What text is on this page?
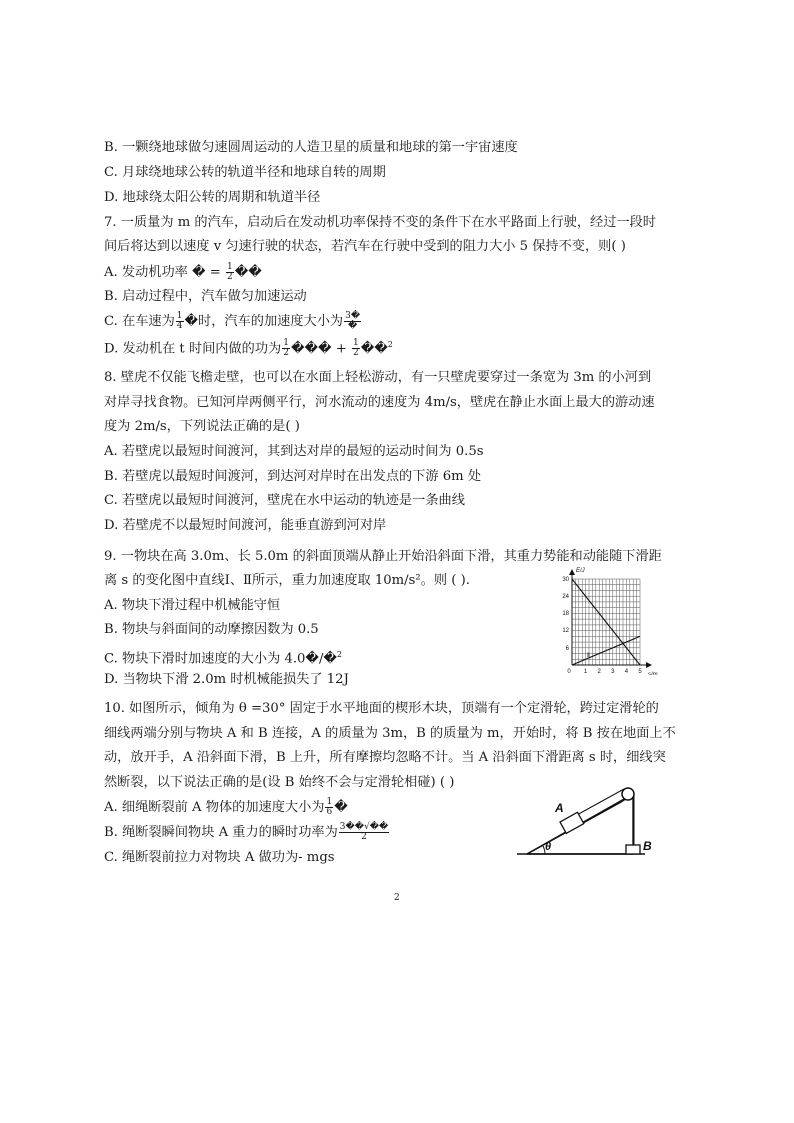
B. 一颗绕地球做匀速圆周运动的人造卫星的质量和地球的第一宇宙速度
C. 月球绕地球公转的轨道半径和地球自转的周期
D. 地球绕太阳公转的周期和轨道半径
7. 一质量为 m 的汽车，启动后在发动机功率保持不变的条件下在水平路面上行驶，经过一段时
间后将达到以速度 v 匀速行驶的状态，若汽车在行驶中受到的阻力大小 5 保持不变，则( )
A. 发动机功率 � = $\frac{1}{2}$ ��
B. 启动过程中，汽车做匀加速运动
C. 在车速为 $\frac{1}{4}$ �时，汽车的加速度大小为 $\frac{3�}{�}$
D. 发动机在 t 时间内做的功为 $\frac{1}{2}$ ��� + $\frac{1}{2}$ ��$^2$
8. 壁虎不仅能飞檐走壁，也可以在水面上轻松游动，有一只壁虎要穿过一条宽为 3m 的小河到
对岸寻找食物。已知河岸两侧平行，河水流动的速度为 4m/s，壁虎在静止水面上最大的游动速
度为 2m/s，下列说法正确的是( )
A. 若壁虎以最短时间渡河，其到达对岸的最短的运动时间为 0.5s
B. 若壁虎以最短时间渡河，到达河对岸时在出发点的下游 6m 处
C. 若壁虎以最短时间渡河，壁虎在水中运动的轨迹是一条曲线
D. 若壁虎不以最短时间渡河，能垂直游到河对岸
9. 一物块在高 3.0m、长 5.0m 的斜面顶端从静止开始沿斜面下滑，其重力势能和动能随下滑距
离 s 的变化图中直线Ⅰ、Ⅱ所示，重力加速度取 10m/s²。则 ( ).
A. 物块下滑过程中机械能守恒
B. 物块与斜面间的动摩擦因数为 0.5
C. 物块下滑时加速度的大小为 4.0�/�$^2$
D. 当物块下滑 2.0m 时机械能损失了 12J
Ⅱ
E/J
s/m
30
24
18
12
6
0 1 2 3 4 5
10. 如图所示，倾角为 θ =30° 固定于水平地面的楔形木块，顶端有一个定滑轮，跨过定滑轮的
细线两端分别与物块 A 和 B 连接，A 的质量为 3m，B 的质量为 m，开始时，将 B 按在地面上不
动，放开手，A 沿斜面下滑，B 上升，所有摩擦均忽略不计。当 A 沿斜面下滑距离 s 时，细线突
然断裂，以下说法正确的是(设 B 始终不会与定滑轮相碰) ( )
A. 细绳断裂前 A 物体的加速度大小为 $\frac{1}{6}$ �
B. 绳断裂瞬间物块 A 重力的瞬时功率为 $\frac{3��√��}{2}$
C. 绳断裂前拉力对物块 A 做功为- mgs
θ
A
B
2
